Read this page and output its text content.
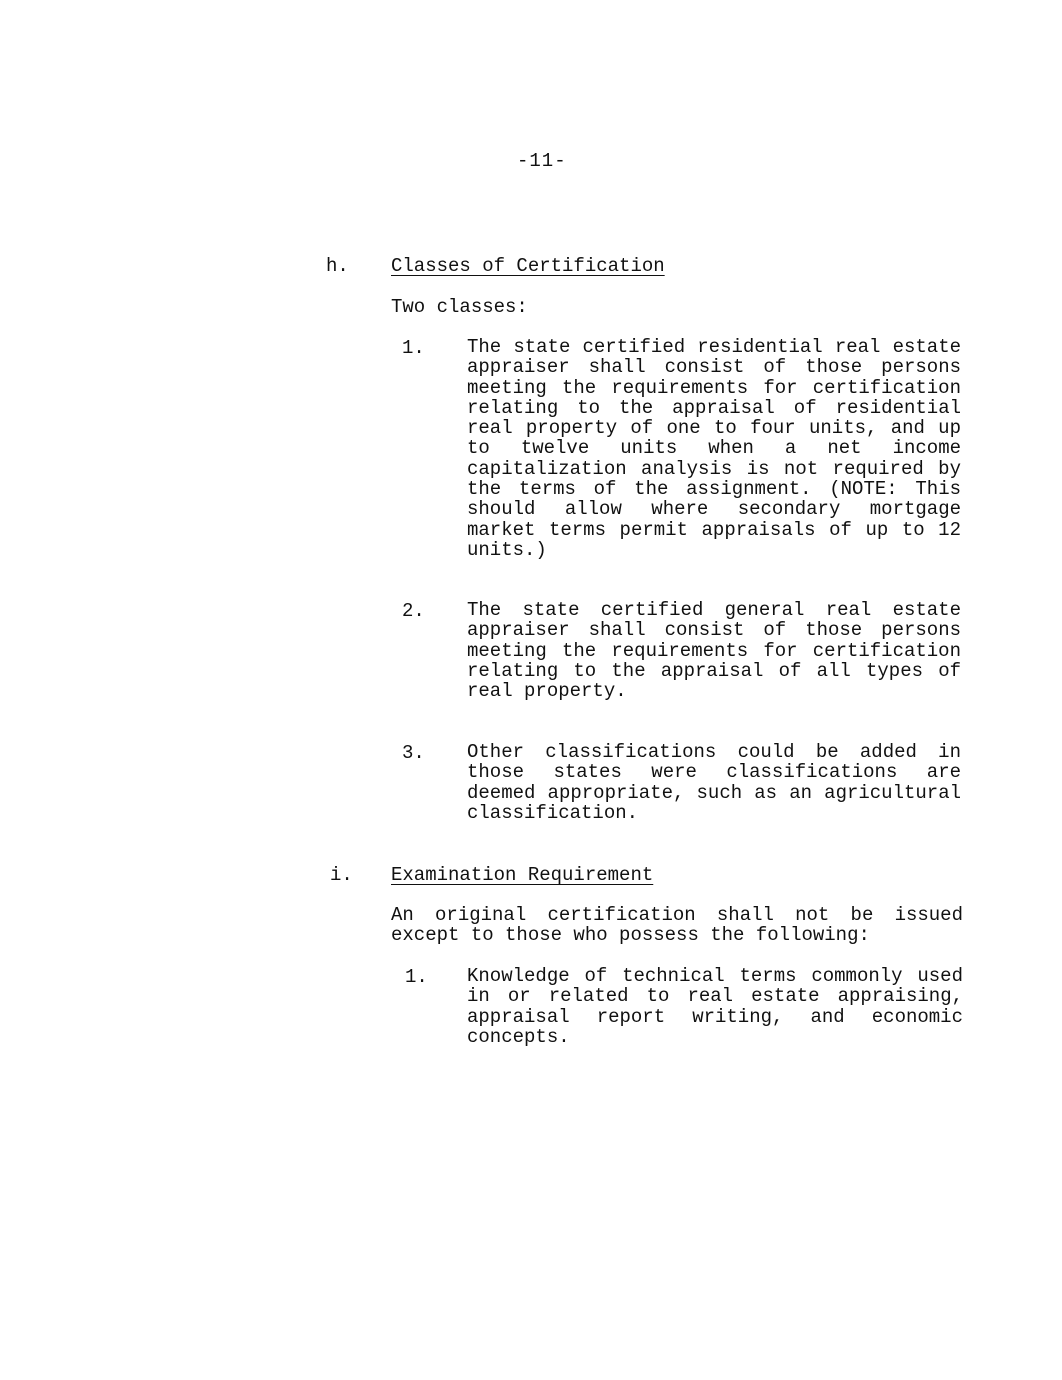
-11-
h. Classes of Certification
Two classes:
1. The state certified residential real estate appraiser shall consist of those persons meeting the requirements for certification relating to the appraisal of residential real property of one to four units, and up to twelve units when a net income capitalization analysis is not required by the terms of the assignment. (NOTE: This should allow where secondary mortgage market terms permit appraisals of up to 12 units.)
2. The state certified general real estate appraiser shall consist of those persons meeting the requirements for certification relating to the appraisal of all types of real property.
3. Other classifications could be added in those states were classifications are deemed appropriate, such as an agricultural classification.
i. Examination Requirement
An original certification shall not be issued except to those who possess the following:
1. Knowledge of technical terms commonly used in or related to real estate appraising, appraisal report writing, and economic concepts.
